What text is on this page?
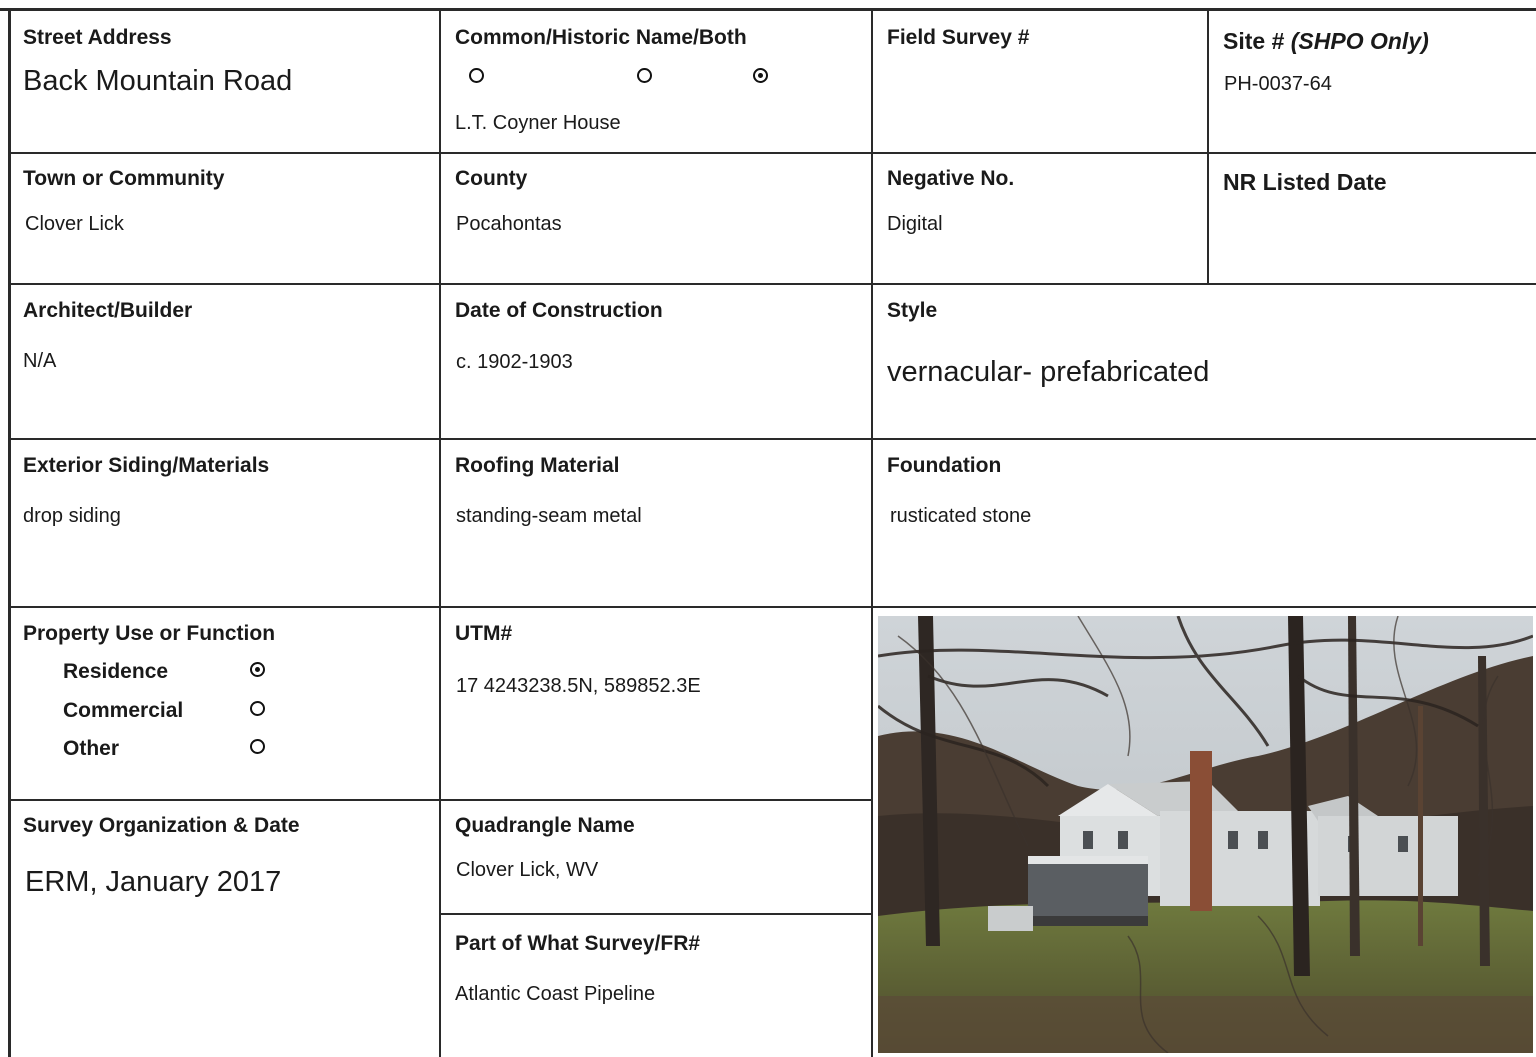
Street Address
Back Mountain Road
Common/Historic Name/Both
L.T. Coyner House
Field Survey #	Site # (SHPO Only)
PH-0037-64
Town or Community
Clover Lick
County
Pocahontas
Negative No.
Digital
NR Listed Date
Architect/Builder
N/A
Date of Construction
c. 1902-1903
Style
vernacular- prefabricated
Exterior Siding/Materials
drop siding
Roofing Material
standing-seam metal
Foundation
rusticated stone
Property Use or Function
Residence
Commercial
Other
UTM#
17 4243238.5N, 589852.3E
Survey Organization & Date
ERM, January 2017
Quadrangle Name
Clover Lick, WV
Part of What Survey/FR#
Atlantic Coast Pipeline
